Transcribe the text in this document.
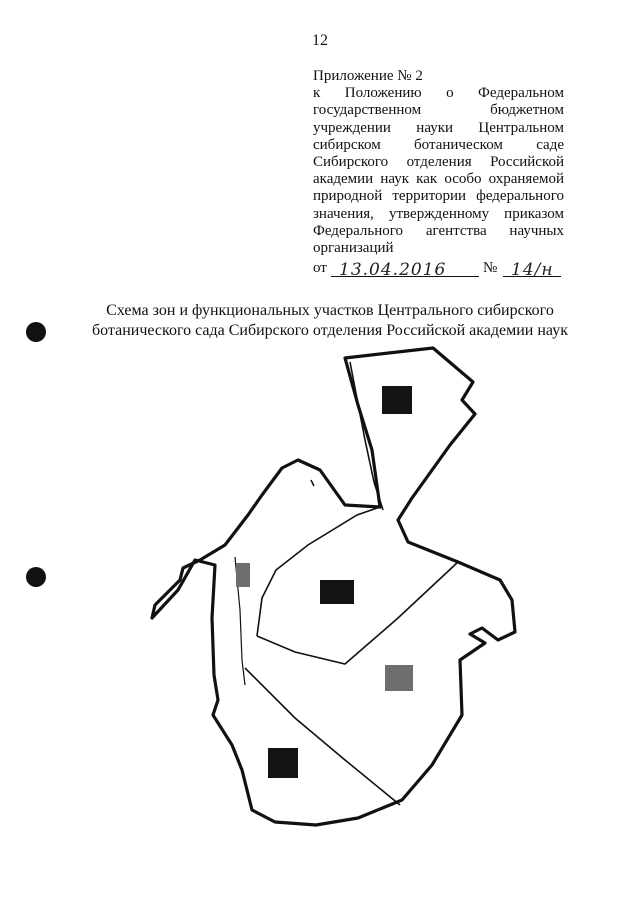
12

Приложение № 2

к Положению о Федеральном государственном бюджетном учреждении науки Центральном сибирском ботаническом саде Сибирского отделения Российской академии наук как особо охраняемой природной территории федерального значения, утвержденному приказом Федерального агентства научных организаций

от 13.04.2016 № 14/н
Схема зон и функциональных участков Центрального сибирского
ботанического сада Сибирского отделения Российской академии наук
